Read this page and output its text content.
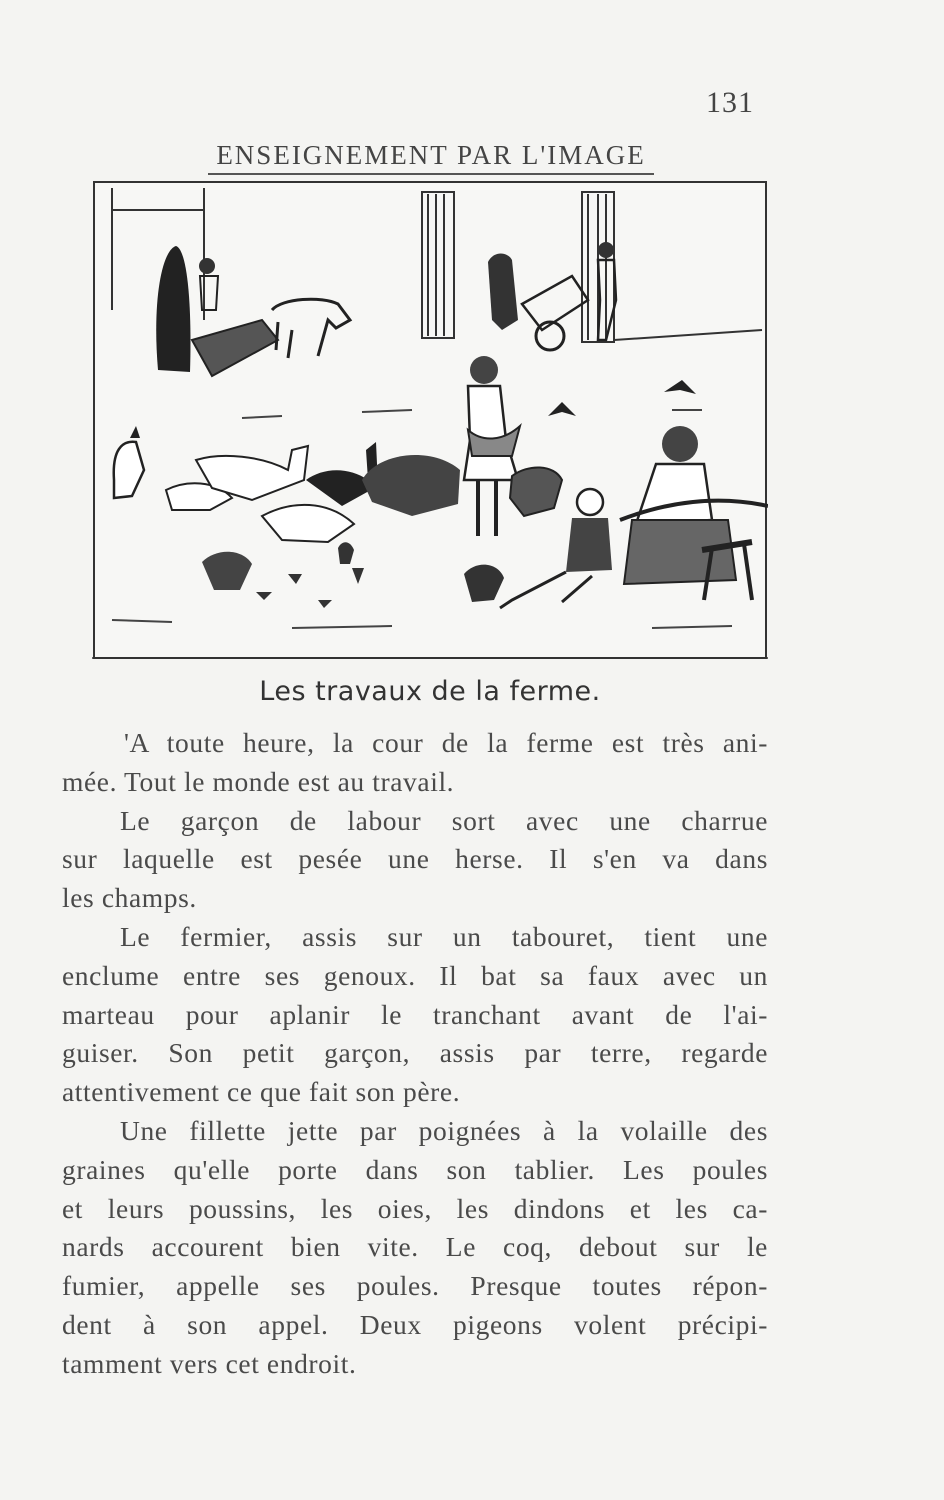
131
ENSEIGNEMENT PAR L'IMAGE
Les travaux de la ferme.
'A toute heure, la cour de la ferme est très ani-
mée. Tout le monde est au travail.
Le garçon de labour sort avec une charrue
sur laquelle est pesée une herse. Il s'en va dans
les champs.
Le fermier, assis sur un tabouret, tient une
enclume entre ses genoux. Il bat sa faux avec un
marteau pour aplanir le tranchant avant de l'ai-
guiser. Son petit garçon, assis par terre, regarde
attentivement ce que fait son père.
Une fillette jette par poignées à la volaille des
graines qu'elle porte dans son tablier. Les poules
et leurs poussins, les oies, les dindons et les ca-
nards accourent bien vite. Le coq, debout sur le
fumier, appelle ses poules. Presque toutes répon-
dent à son appel. Deux pigeons volent précipi-
tamment vers cet endroit.
